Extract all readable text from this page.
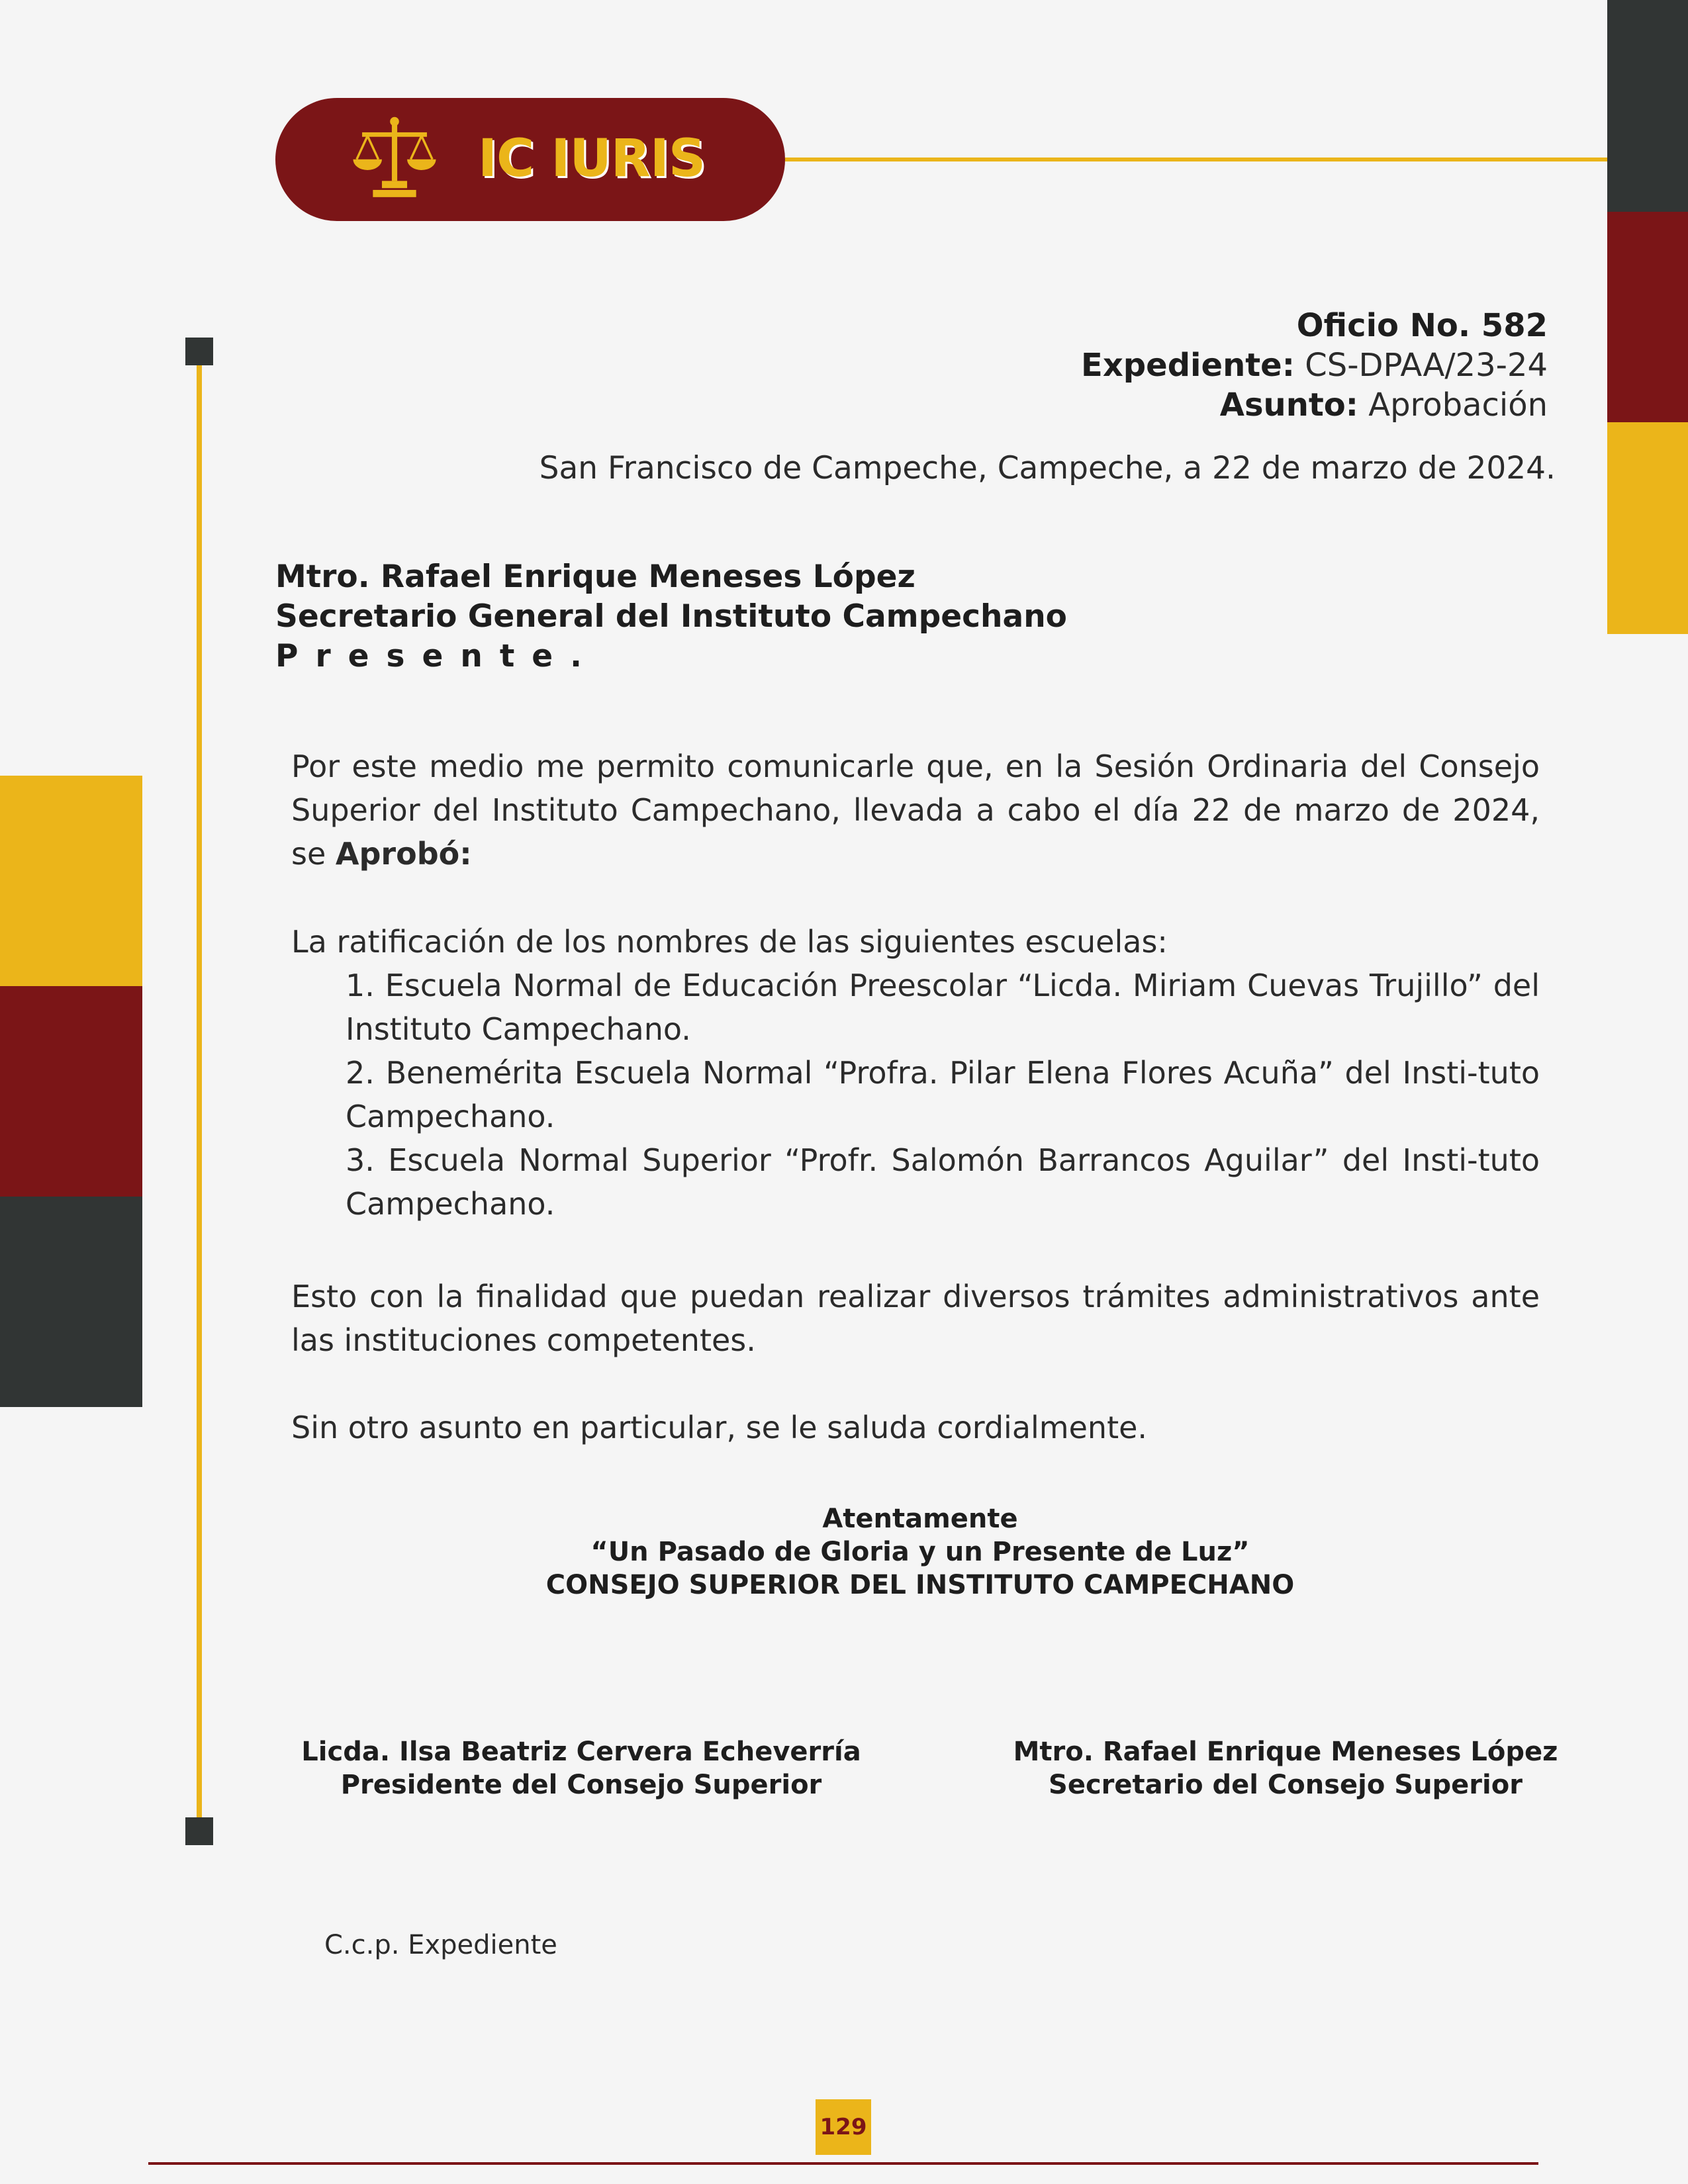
IC IURIS
Oficio No. 582
Expediente: CS-DPAA/23-24
Asunto: Aprobación
San Francisco de Campeche, Campeche, a 22 de marzo de 2024.
Mtro. Rafael Enrique Meneses López
Secretario General del Instituto Campechano
Presente.
Por este medio me permito comunicarle que, en la Sesión Ordinaria del Consejo Superior del Instituto Campechano, llevada a cabo el día 22 de marzo de 2024, se Aprobó:
La ratificación de los nombres de las siguientes escuelas:
1. Escuela Normal de Educación Preescolar “Licda. Miriam Cuevas Trujillo” del Instituto Campechano.
2. Benemérita Escuela Normal “Profra. Pilar Elena Flores Acuña” del Insti-tuto Campechano.
3. Escuela Normal Superior “Profr. Salomón Barrancos Aguilar” del Insti-tuto Campechano.
Esto con la finalidad que puedan realizar diversos trámites administrativos ante las instituciones competentes.
Sin otro asunto en particular, se le saluda cordialmente.
Atentamente
“Un Pasado de Gloria y un Presente de Luz”
CONSEJO SUPERIOR DEL INSTITUTO CAMPECHANO
Licda. Ilsa Beatriz Cervera Echeverría
Presidente del Consejo Superior
Mtro. Rafael Enrique Meneses López
Secretario del Consejo Superior
C.c.p. Expediente
129
